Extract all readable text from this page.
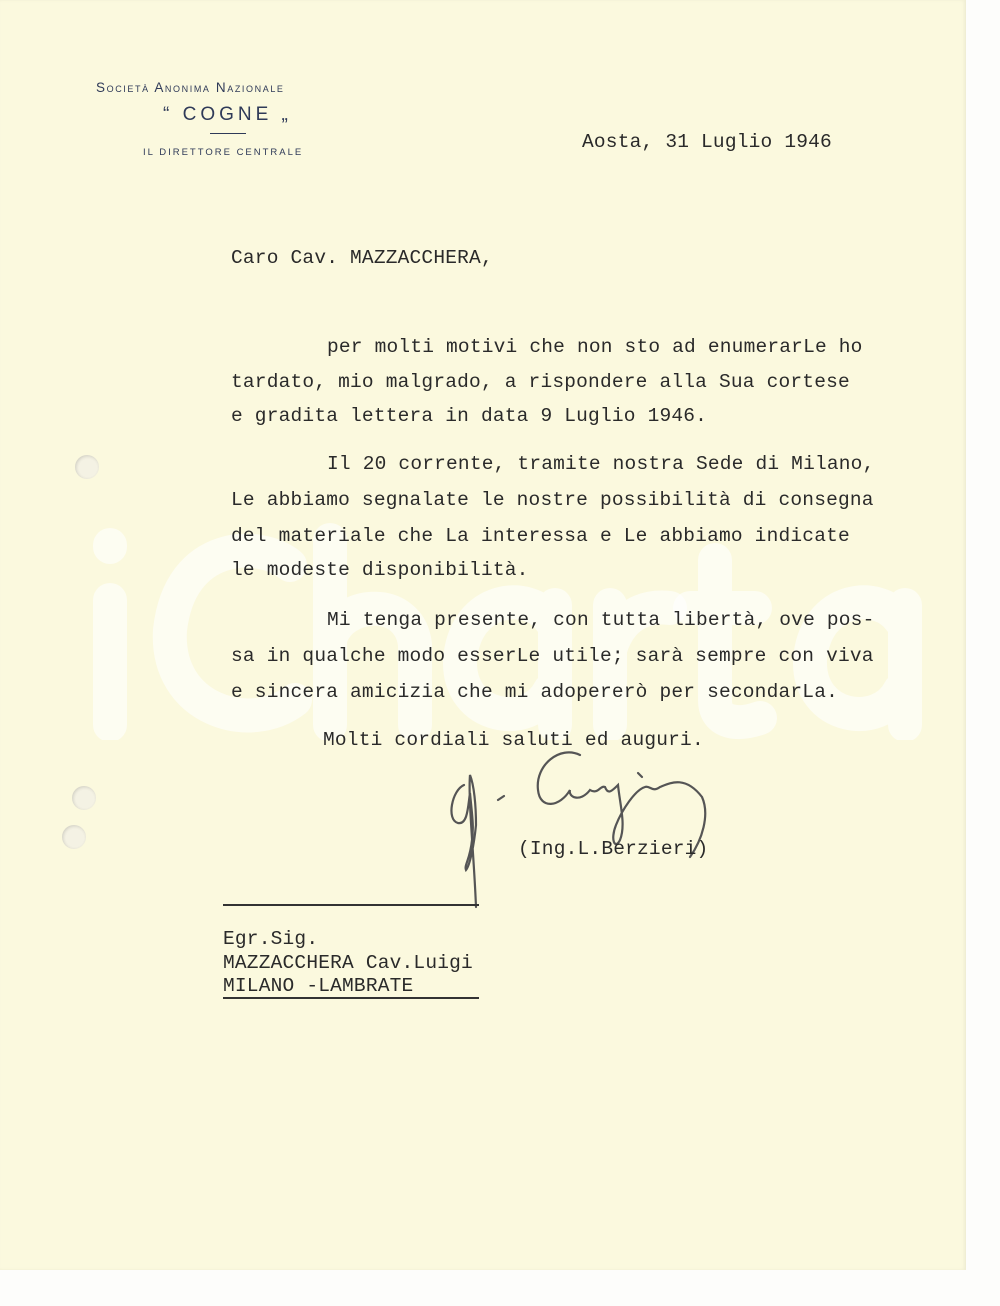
Società Anonima Nazionale
“ COGNE „
IL DIRETTORE CENTRALE	Aosta, 31 Luglio 1946
Caro Cav. MAZZACCHERA,
per molti motivi che non sto ad enumerarLe ho
tardato, mio malgrado, a rispondere alla Sua cortese
e gradita lettera in data 9 Luglio 1946.
Il 20 corrente, tramite nostra Sede di Milano,
Le abbiamo segnalate le nostre possibilità di consegna
del materiale che La interessa e Le abbiamo indicate
le modeste disponibilità.
Mi tenga presente, con tutta libertà, ove pos-
sa in qualche modo esserLe utile; sarà sempre con viva
e sincera amicizia che mi adopererò per secondarLa.
Molti cordiali saluti ed auguri.
(Ing.L.Berzieri)
Egr.Sig.
MAZZACCHERA Cav.Luigi
MILANO -LAMBRATE
